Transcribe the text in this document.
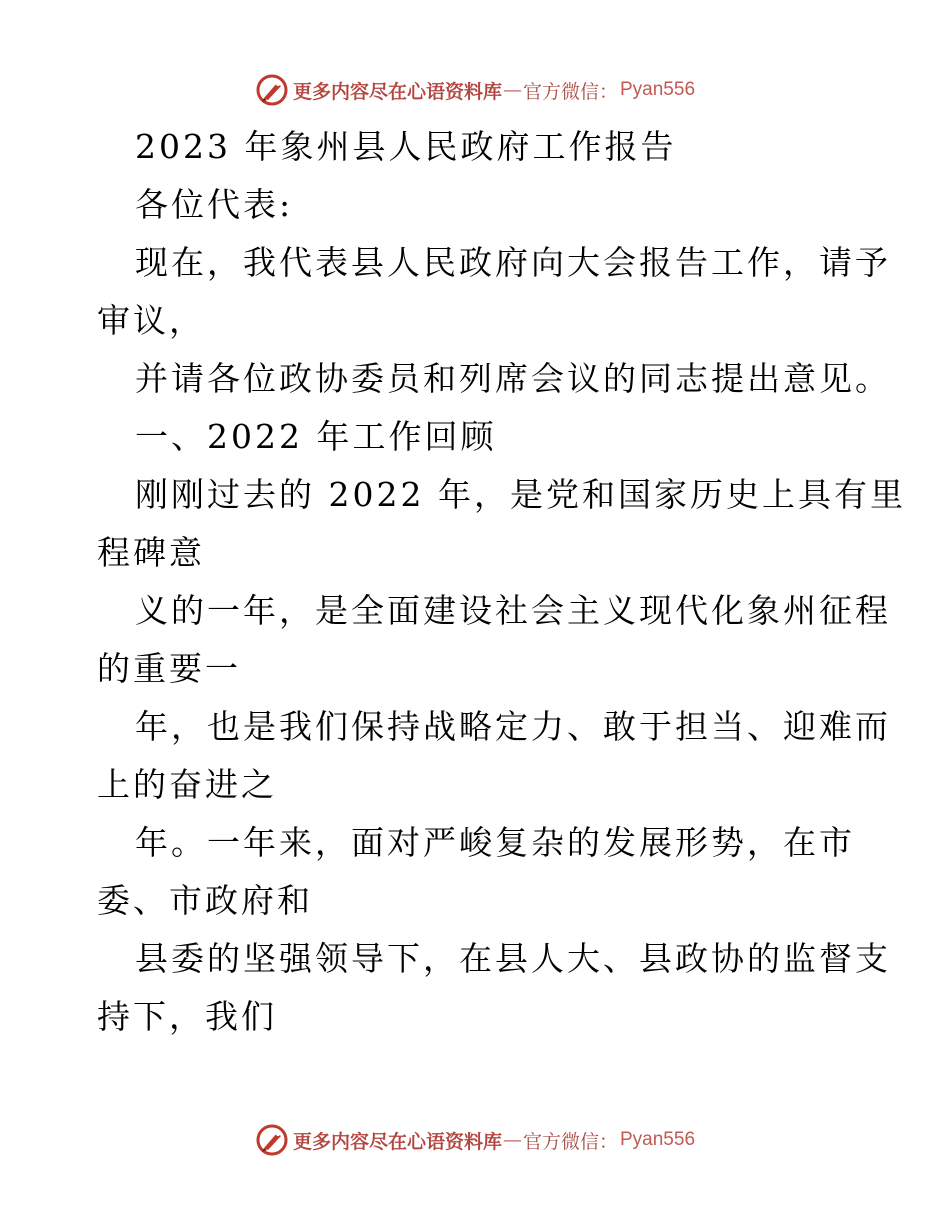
更多内容尽在心语资料库 — 官方微信： Pyan556
2023 年象州县人民政府工作报告
各位代表:
现在，我代表县人民政府向大会报告工作，请予
审议，
并请各位政协委员和列席会议的同志提出意见。
一、2022 年工作回顾
刚刚过去的 2022 年，是党和国家历史上具有里
程碑意
义的一年，是全面建设社会主义现代化象州征程
的重要一
年，也是我们保持战略定力、敢于担当、迎难而
上的奋进之
年。一年来，面对严峻复杂的发展形势，在市
委、市政府和
县委的坚强领导下，在县人大、县政协的监督支
持下，我们
更多内容尽在心语资料库 — 官方微信： Pyan556
